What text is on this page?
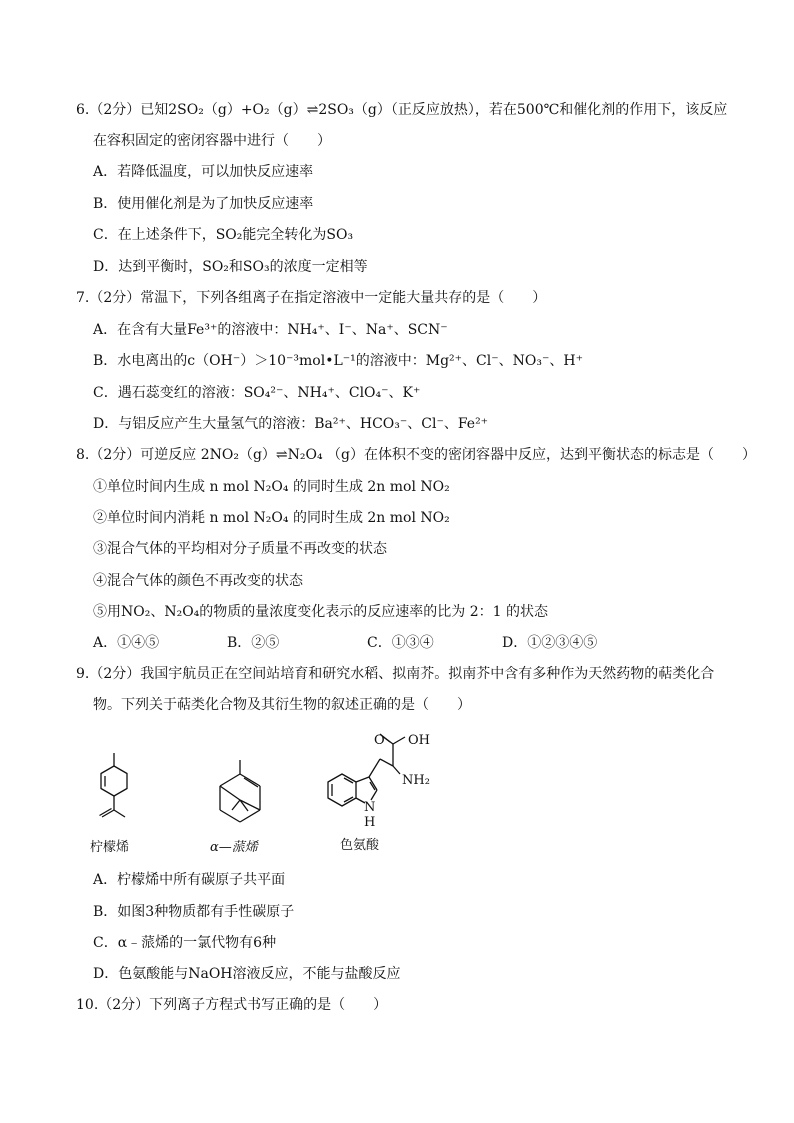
6.（2分）已知2SO₂（g）+O₂（g）⇌2SO₃（g）（正反应放热），若在500℃和催化剂的作用下，该反应
在容积固定的密闭容器中进行（　　）
A．若降低温度，可以加快反应速率
B．使用催化剂是为了加快反应速率
C．在上述条件下，SO₂能完全转化为SO₃
D．达到平衡时，SO₂和SO₃的浓度一定相等
7.（2分）常温下，下列各组离子在指定溶液中一定能大量共存的是（　　）
A．在含有大量Fe³⁺的溶液中：NH₄⁺、I⁻、Na⁺、SCN⁻
B．水电离出的c（OH⁻）＞10⁻³mol•L⁻¹的溶液中：Mg²⁺、Cl⁻、NO₃⁻、H⁺
C．遇石蕊变红的溶液：SO₄²⁻、NH₄⁺、ClO₄⁻、K⁺
D．与铝反应产生大量氢气的溶液：Ba²⁺、HCO₃⁻、Cl⁻、Fe²⁺
8.（2分）可逆反应 2NO₂（g）⇌N₂O₄ （g）在体积不变的密闭容器中反应，达到平衡状态的标志是（　　）
①单位时间内生成 n mol N₂O₄ 的同时生成 2n mol NO₂
②单位时间内消耗 n mol N₂O₄ 的同时生成 2n mol NO₂
③混合气体的平均相对分子质量不再改变的状态
④混合气体的颜色不再改变的状态
⑤用NO₂、N₂O₄的物质的量浓度变化表示的反应速率的比为 2：1 的状态
A．①④⑤	B．②⑤	C．①③④	D．①②③④⑤
9.（2分）我国宇航员正在空间站培育和研究水稻、拟南芥。拟南芥中含有多种作为天然药物的萜类化合
物。下列关于萜类化合物及其衍生物的叙述正确的是（　　）
O OH
NH₂
N
H
柠檬烯	α—蒎烯	色氨酸
A．柠檬烯中所有碳原子共平面
B．如图3种物质都有手性碳原子
C．α﹣蒎烯的一氯代物有6种
D．色氨酸能与NaOH溶液反应，不能与盐酸反应
10.（2分）下列离子方程式书写正确的是（　　）
